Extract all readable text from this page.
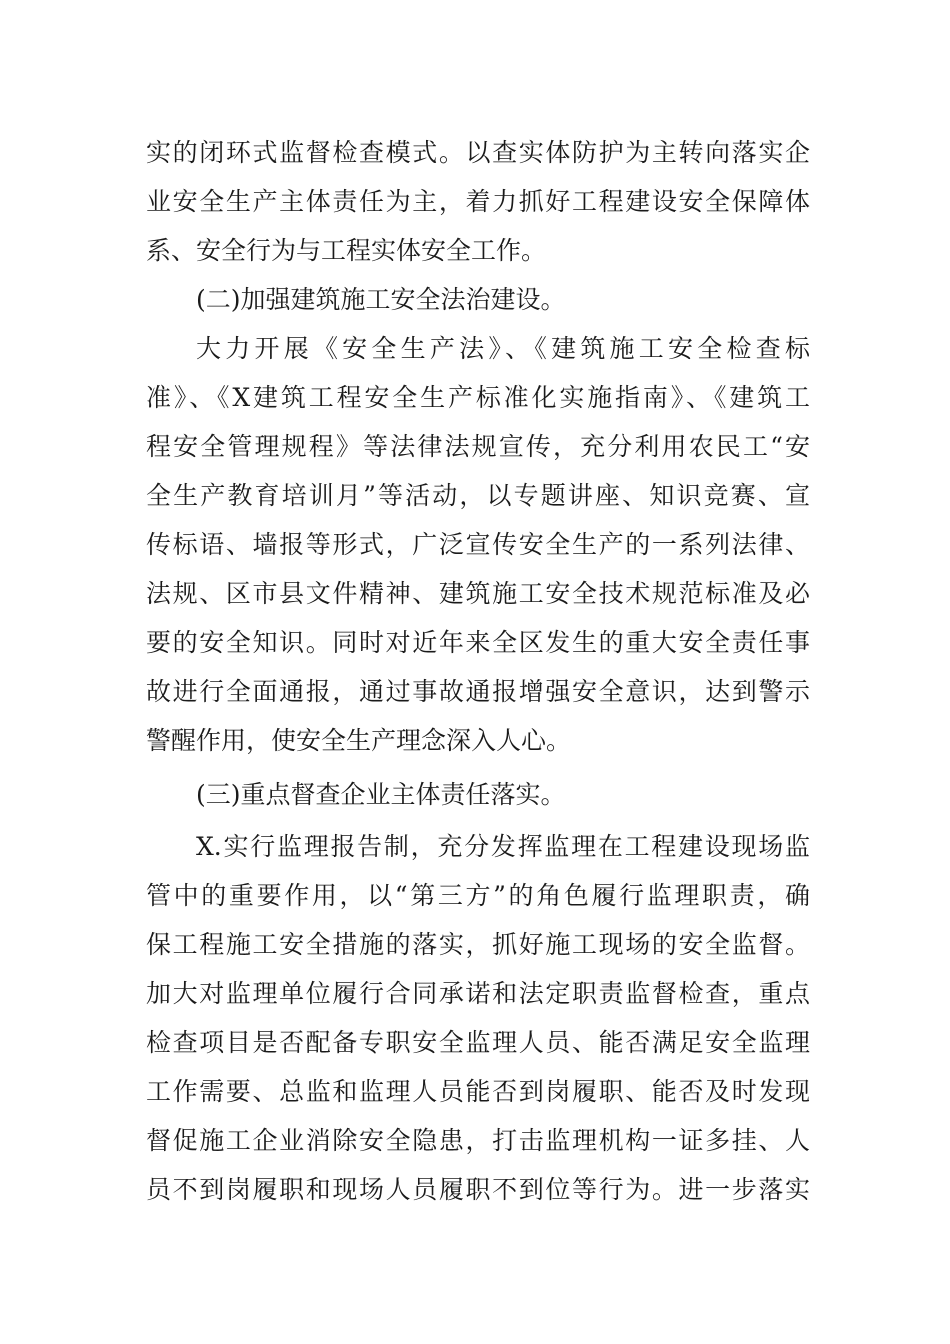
实的闭环式监督检查模式。以查实体防护为主转向落实企
业安全生产主体责任为主，着力抓好工程建设安全保障体
系、安全行为与工程实体安全工作。
(二)加强建筑施工安全法治建设。
大力开展《安全生产法》、《建筑施工安全检查标
准》、《X建筑工程安全生产标准化实施指南》、《建筑工
程安全管理规程》等法律法规宣传，充分利用农民工“安
全生产教育培训月”等活动，以专题讲座、知识竞赛、宣
传标语、墙报等形式，广泛宣传安全生产的一系列法律、
法规、区市县文件精神、建筑施工安全技术规范标准及必
要的安全知识。同时对近年来全区发生的重大安全责任事
故进行全面通报，通过事故通报增强安全意识，达到警示
警醒作用，使安全生产理念深入人心。
(三)重点督查企业主体责任落实。
X.实行监理报告制，充分发挥监理在工程建设现场监
管中的重要作用，以“第三方”的角色履行监理职责，确
保工程施工安全措施的落实，抓好施工现场的安全监督。
加大对监理单位履行合同承诺和法定职责监督检查，重点
检查项目是否配备专职安全监理人员、能否满足安全监理
工作需要、总监和监理人员能否到岗履职、能否及时发现
督促施工企业消除安全隐患，打击监理机构一证多挂、人
员不到岗履职和现场人员履职不到位等行为。进一步落实
